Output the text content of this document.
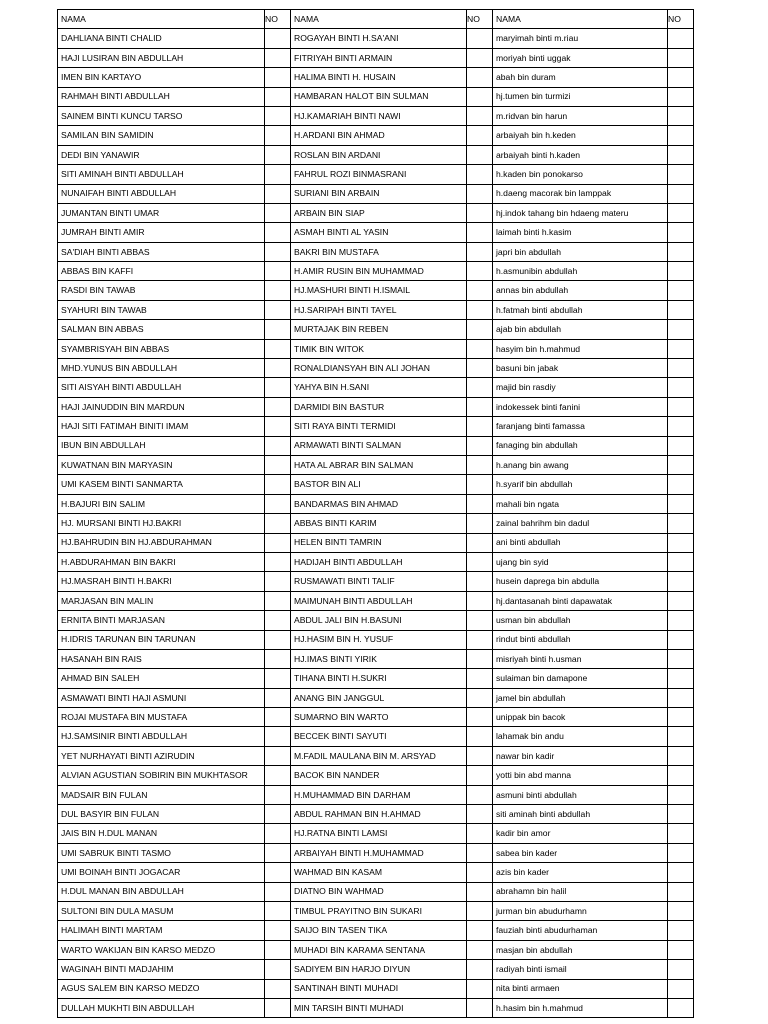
NAMA	NO	NAMA	NO	NAMA	NO
DAHLIANA BINTI CHALID		ROGAYAH BINTI H.SA'ANI		maryimah binti m.riau	
HAJI LUSIRAN BIN ABDULLAH		FITRIYAH BINTI ARMAIN		moriyah binti uggak	
IMEN BIN KARTAYO		HALIMA BINTI H. HUSAIN		abah bin duram	
RAHMAH BINTI ABDULLAH		HAMBARAN HALOT BIN SULMAN		hj.tumen bin turmizi	
SAINEM BINTI KUNCU TARSO		HJ.KAMARIAH BINTI NAWI		m.ridvan bin harun	
SAMILAN BIN SAMIDIN		H.ARDANI BIN AHMAD		arbaiyah bin h.keden	
DEDI BIN YANAWIR		ROSLAN BIN ARDANI		arbaiyah binti h.kaden	
SITI AMINAH BINTI ABDULLAH		FAHRUL ROZI BINMASRANI		h.kaden bin ponokarso	
NUNAIFAH BINTI ABDULLAH		SURIANI BIN ARBAIN		h.daeng macorak bin lamppak	
JUMANTAN BINTI UMAR		ARBAIN BIN SIAP		hj.indok tahang bin hdaeng materu	
JUMRAH BINTI AMIR		ASMAH BINTI AL YASIN		laimah binti h.kasim	
SA'DIAH BINTI ABBAS		BAKRI BIN MUSTAFA		japri bin abdullah	
ABBAS BIN KAFFI		H.AMIR RUSIN BIN MUHAMMAD		h.asmunibin abdullah	
RASDI BIN TAWAB		HJ.MASHURI BINTI H.ISMAIL		annas bin abdullah	
SYAHURI BIN TAWAB		HJ.SARIPAH BINTI TAYEL		h.fatmah binti abdullah	
SALMAN BIN ABBAS		MURTAJAK BIN REBEN		ajab bin abdullah	
SYAMBRISYAH BIN ABBAS		TIMIK BIN WITOK		hasyim bin h.mahmud	
MHD.YUNUS BIN ABDULLAH		RONALDIANSYAH BIN ALI JOHAN		basuni bin jabak	
SITI AISYAH BINTI ABDULLAH		YAHYA BIN H.SANI		majid bin rasdiy	
HAJI JAINUDDIN BIN MARDUN		DARMIDI BIN BASTUR		indokessek binti fanini	
HAJI SITI FATIMAH BINITI IMAM		SITI RAYA BINTI TERMIDI		faranjang binti famassa	
IBUN BIN ABDULLAH		ARMAWATI BINTI SALMAN		fanaging bin abdullah	
KUWATNAN BIN MARYASIN		HATA AL ABRAR BIN SALMAN		h.anang bin awang	
UMI KASEM BINTI SANMARTA		BASTOR BIN ALI		h.syarif bin abdullah	
H.BAJURI BIN SALIM		BANDARMAS BIN AHMAD		mahali bin ngata	
HJ. MURSANI BINTI HJ.BAKRI		ABBAS BINTI KARIM		zainal bahrihm bin dadul	
HJ.BAHRUDIN BIN HJ.ABDURAHMAN		HELEN BINTI TAMRIN		ani binti abdullah	
H.ABDURAHMAN BIN BAKRI		HADIJAH BINTI ABDULLAH		ujang bin syid	
HJ.MASRAH BINTI H.BAKRI		RUSMAWATI BINTI TALIF		husein daprega bin abdulla	
MARJASAN BIN MALIN		MAIMUNAH BINTI ABDULLAH		hj.dantasanah binti dapawatak	
ERNITA BINTI MARJASAN		ABDUL JALI BIN H.BASUNI		usman bin abdullah	
H.IDRIS TARUNAN BIN TARUNAN		HJ.HASIM BIN H. YUSUF		rindut binti abdullah	
HASANAH BIN RAIS		HJ.IMAS BINTI YIRIK		misriyah binti h.usman	
AHMAD BIN SALEH		TIHANA BINTI H.SUKRI		sulaiman bin damapone	
ASMAWATI BINTI HAJI ASMUNI		ANANG BIN JANGGUL		jamel bin abdullah	
ROJAI MUSTAFA BIN MUSTAFA		SUMARNO BIN WARTO		unippak bin bacok	
HJ.SAMSINIR BINTI ABDULLAH		BECCEK BINTI SAYUTI		lahamak bin andu	
YET NURHAYATI BINTI AZIRUDIN		M.FADIL MAULANA BIN M. ARSYAD		nawar bin kadir	
ALVIAN AGUSTIAN SOBIRIN BIN MUKHTASOR		BACOK BIN NANDER		yotti bin abd manna	
MADSAIR BIN FULAN		H.MUHAMMAD BIN DARHAM		asmuni binti abdullah	
DUL BASYIR BIN FULAN		ABDUL RAHMAN BIN H.AHMAD		siti aminah binti abdullah	
JAIS BIN H.DUL MANAN		HJ.RATNA BINTI LAMSI		kadir bin amor	
UMI SABRUK BINTI TASMO		ARBAIYAH BINTI H.MUHAMMAD		sabea bin kader	
UMI BOINAH BINTI JOGACAR		WAHMAD BIN KASAM		azis bin kader	
H.DUL MANAN BIN ABDULLAH		DIATNO BIN WAHMAD		abrahamn bin halil	
SULTONI BIN DULA MASUM		TIMBUL PRAYITNO BIN SUKARI		jurman bin abudurhamn	
HALIMAH BINTI MARTAM		SAIJO BIN TASEN TIKA		fauziah binti abudurhaman	
WARTO WAKIJAN BIN KARSO MEDZO		MUHADI BIN KARAMA SENTANA		masjan bin abdullah	
WAGINAH BINTI MADJAHIM		SADIYEM BIN HARJO DIYUN		radiyah binti ismail	
AGUS SALEM BIN KARSO MEDZO		SANTINAH BINTI MUHADI		nita binti armaen	
DULLAH MUKHTI BIN ABDULLAH		MIN TARSIH BINTI MUHADI		h.hasim bin h.mahmud	
